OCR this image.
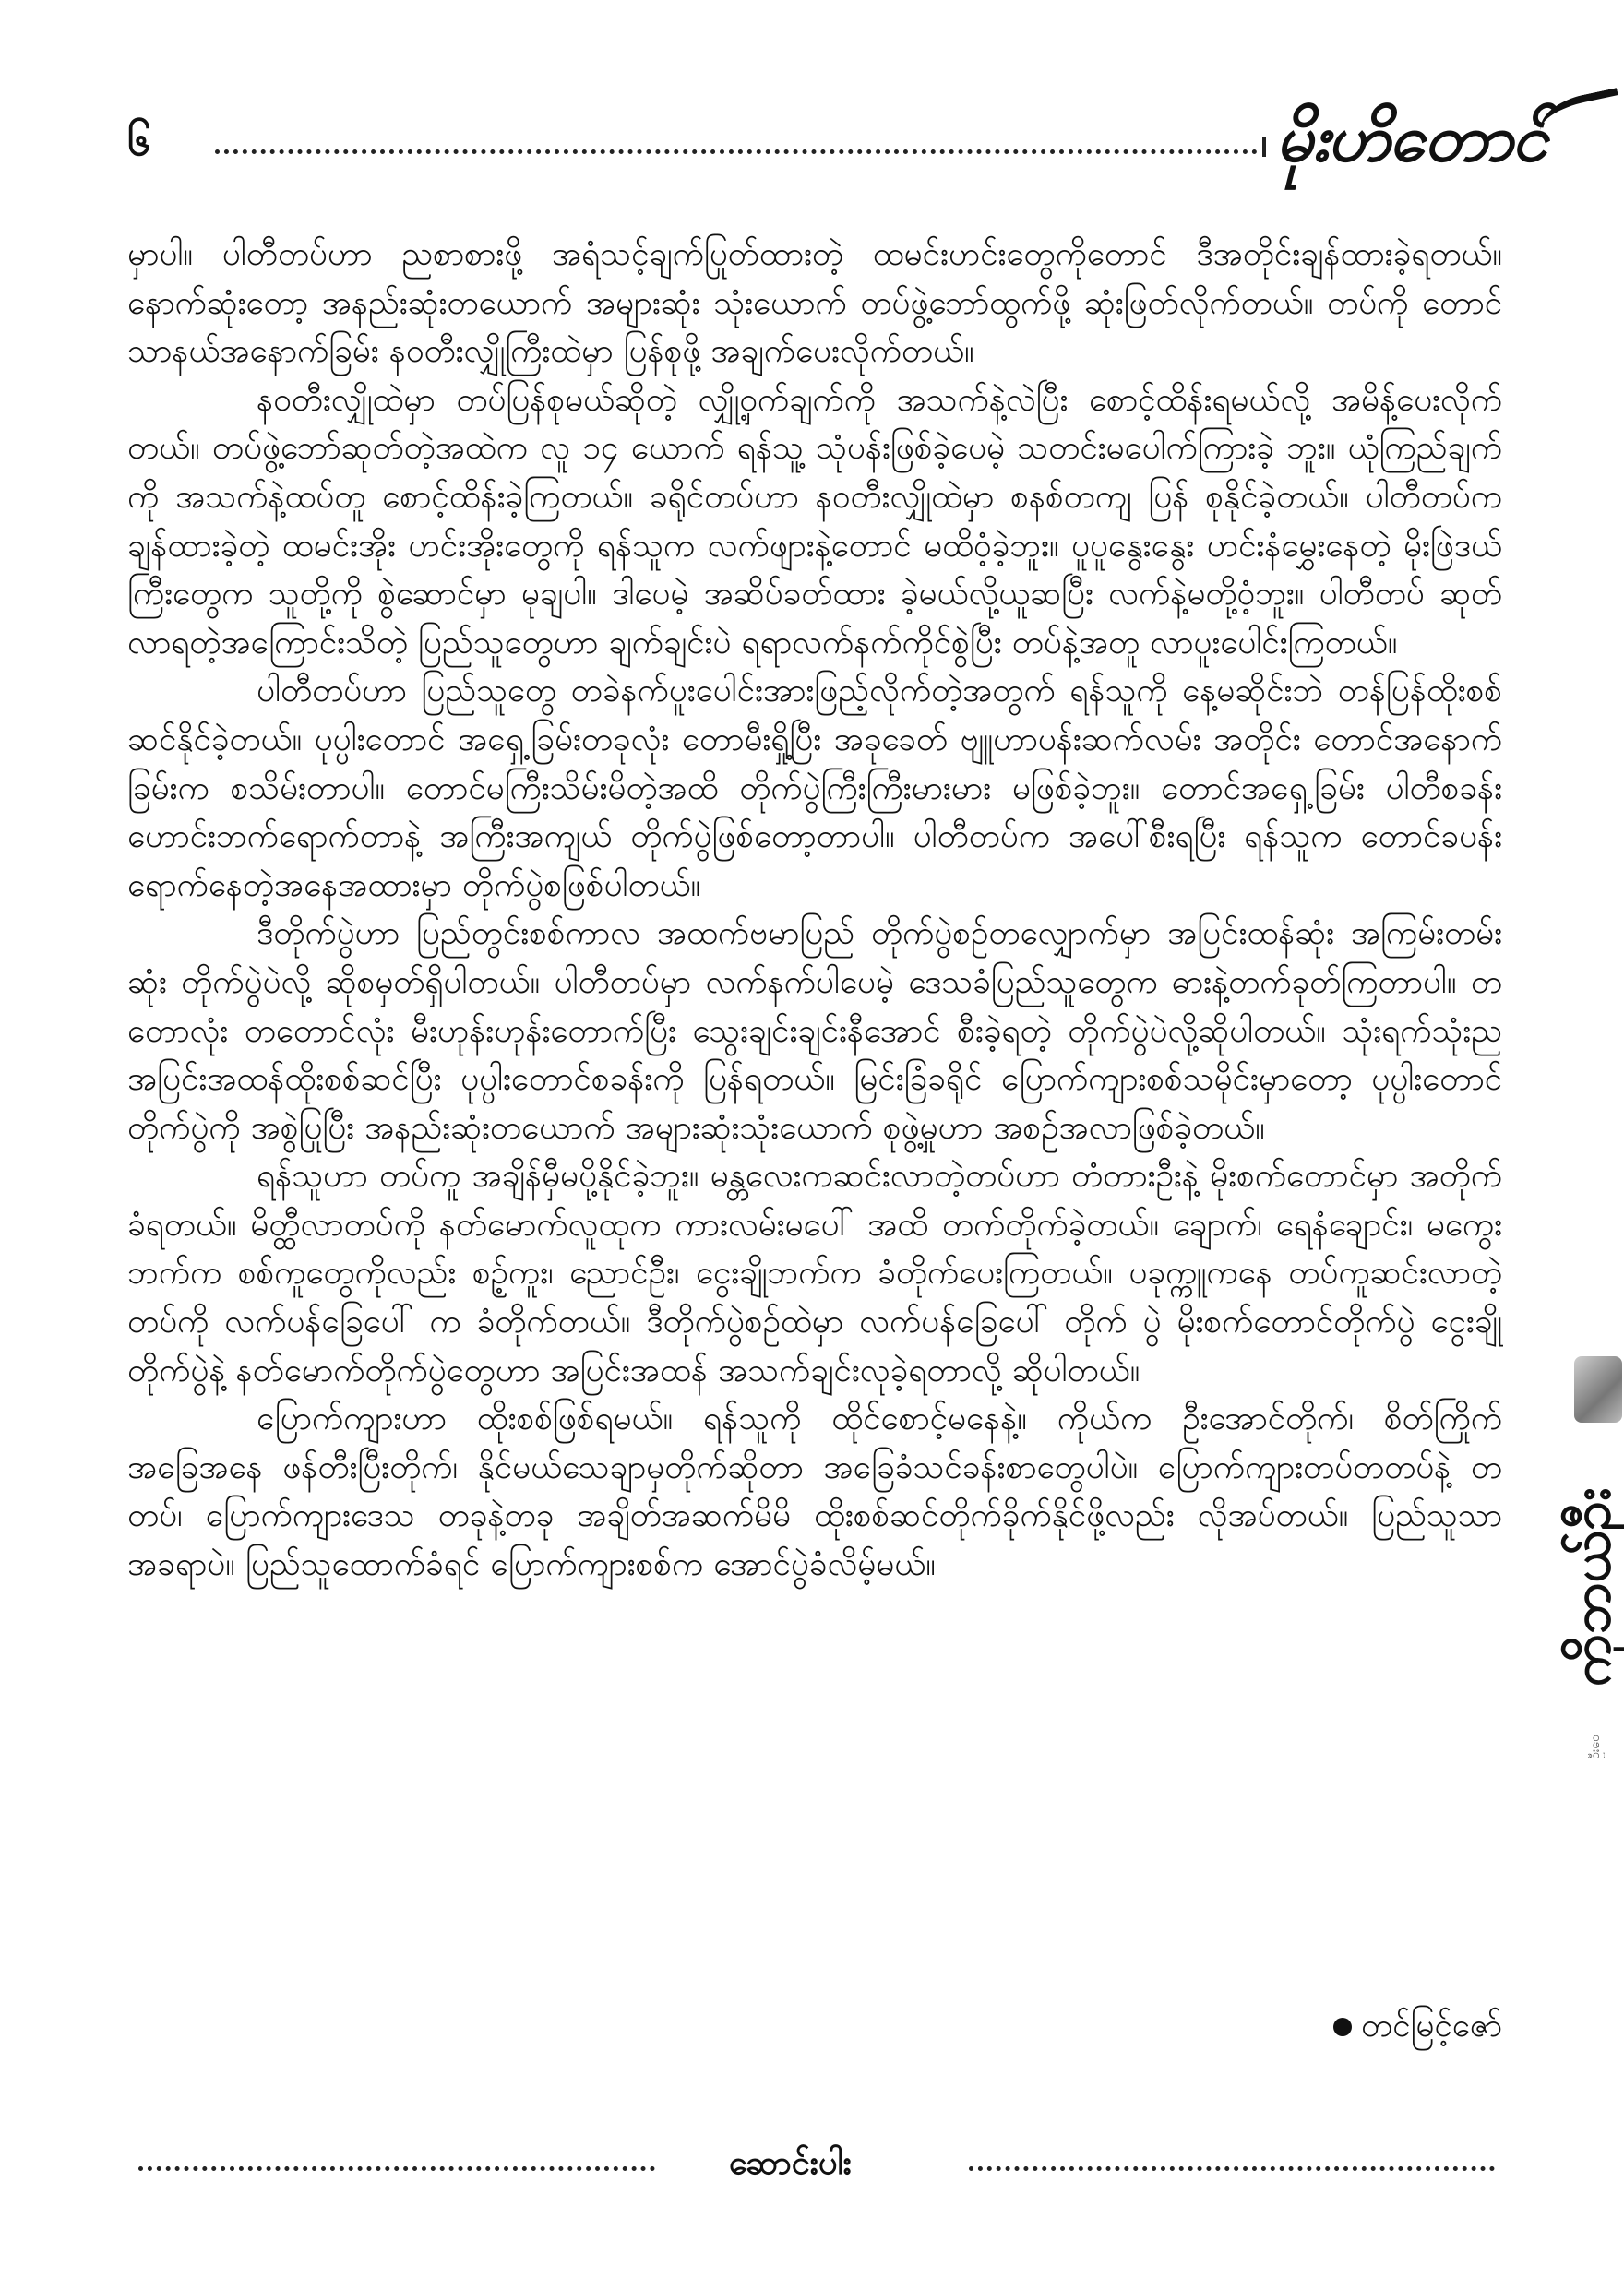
၆	မိုးဟိတောင်
ကိုဘယ်ဦး
ဦးဝေ

မှာပါ။ ပါတီတပ်ဟာ ညစာစားဖို့ အရံသင့်ချက်ပြုတ်ထားတဲ့ ထမင်းဟင်းတွေကိုတောင် ဒီအတိုင်းချန်ထားခဲ့ရတယ်။ နောက်ဆုံးတော့ အနည်းဆုံးတယောက် အများဆုံး သုံးယောက် တပ်ဖွဲ့ဘော်ထွက်ဖို့ ဆုံးဖြတ်လိုက်တယ်။ တပ်ကို တောင်သာနယ်အနောက်ခြမ်း နဝတီးလျှိုကြီးထဲမှာ ပြန်စုဖို့ အချက်ပေးလိုက်တယ်။

နဝတီးလျှိုထဲမှာ တပ်ပြန်စုမယ်ဆိုတဲ့ လျှို့ဝှက်ချက်ကို အသက်နဲ့လဲပြီး စောင့်ထိန်းရမယ်လို့ အမိန့်ပေးလိုက်တယ်။ တပ်ဖွဲ့ဘော်ဆုတ်တဲ့အထဲက လူ ၁၄ ယောက် ရန်သူ့ သုံပန်းဖြစ်ခဲ့ပေမဲ့ သတင်းမပေါက်ကြားခဲ့ ဘူး။ ယုံကြည်ချက်ကို အသက်နဲ့ထပ်တူ စောင့်ထိန်းခဲ့ကြတယ်။ ခရိုင်တပ်ဟာ နဝတီးလျှိုထဲမှာ စနစ်တကျ ပြန် စုနိုင်ခဲ့တယ်။ ပါတီတပ်က ချန်ထားခဲ့တဲ့ ထမင်းအိုး ဟင်းအိုးတွေကို ရန်သူက လက်ဖျားနဲ့တောင် မထိဝံ့ခဲ့ဘူး။ ပူပူနွေးနွေး ဟင်းနံမွှေးနေတဲ့ မိုးဖြဲဒယ်ကြီးတွေက သူတို့ကို စွဲဆောင်မှာ မုချပါ။ ဒါပေမဲ့ အဆိပ်ခတ်ထား ခဲ့မယ်လို့ယူဆပြီး လက်နဲ့မတို့ဝံ့ဘူး။ ပါတီတပ် ဆုတ်လာရတဲ့အကြောင်းသိတဲ့ ပြည်သူတွေဟာ ချက်ချင်းပဲ ရရာလက်နက်ကိုင်စွဲပြီး တပ်နဲ့အတူ လာပူးပေါင်းကြတယ်။

ပါတီတပ်ဟာ ပြည်သူတွေ တခဲနက်ပူးပေါင်းအားဖြည့်လိုက်တဲ့အတွက် ရန်သူကို နေ့မဆိုင်းဘဲ တန်ပြန်ထိုးစစ်ဆင်နိုင်ခဲ့တယ်။ ပုပ္ပါးတောင် အရှေ့ခြမ်းတခုလုံး တောမီးရှို့ပြီး အခုခေတ် ဗျူဟာပန်းဆက်လမ်း အတိုင်း တောင်အနောက်ခြမ်းက စသိမ်းတာပါ။ တောင်မကြီးသိမ်းမိတဲ့အထိ တိုက်ပွဲကြီးကြီးမားမား မဖြစ်ခဲ့ဘူး။ တောင်အရှေ့ခြမ်း ပါတီစခန်းဟောင်းဘက်ရောက်တာနဲ့ အကြီးအကျယ် တိုက်ပွဲဖြစ်တော့တာပါ။ ပါတီတပ်က အပေါ်စီးရပြီး ရန်သူက တောင်ခပန်းရောက်နေတဲ့အနေအထားမှာ တိုက်ပွဲစဖြစ်ပါတယ်။

ဒီတိုက်ပွဲဟာ ပြည်တွင်းစစ်ကာလ အထက်ဗမာပြည် တိုက်ပွဲစဉ်တလျှောက်မှာ အပြင်းထန်ဆုံး အကြမ်းတမ်းဆုံး တိုက်ပွဲပဲလို့ ဆိုစမှတ်ရှိပါတယ်။ ပါတီတပ်မှာ လက်နက်ပါပေမဲ့ ဒေသခံပြည်သူတွေက ဓားနဲ့တက်ခုတ်ကြတာပါ။ တတောလုံး တတောင်လုံး မီးဟုန်းဟုန်းတောက်ပြီး သွေးချင်းချင်းနီအောင် စီးခဲ့ရတဲ့ တိုက်ပွဲပဲလို့ဆိုပါတယ်။ သုံးရက်သုံးည အပြင်းအထန်ထိုးစစ်ဆင်ပြီး ပုပ္ပါးတောင်စခန်းကို ပြန်ရတယ်။ မြင်းခြံခရိုင် ပြောက်ကျားစစ်သမိုင်းမှာတော့ ပုပ္ပါးတောင်တိုက်ပွဲကို အစွဲပြုပြီး အနည်းဆုံးတယောက် အများဆုံးသုံးယောက် စုဖွဲ့မှုဟာ အစဉ်အလာဖြစ်ခဲ့တယ်။

ရန်သူဟာ တပ်ကူ အချိန်မှီမပို့နိုင်ခဲ့ဘူး။ မန္တလေးကဆင်းလာတဲ့တပ်ဟာ တံတားဦးနဲ့ မိုးစက်တောင်မှာ အတိုက်ခံရတယ်။ မိတ္ထီလာတပ်ကို နတ်မောက်လူထုက ကားလမ်းမပေါ် အထိ တက်တိုက်ခဲ့တယ်။ ချောက်၊ ရေနံချောင်း၊ မကွေးဘက်က စစ်ကူတွေကိုလည်း စဉ့်ကူး၊ ညောင်ဦး၊ ငွေးချိုဘက်က ခံတိုက်ပေးကြတယ်။ ပခုက္ကူကနေ တပ်ကူဆင်းလာတဲ့တပ်ကို လက်ပန်ခြေပေါ် က ခံတိုက်တယ်။ ဒီတိုက်ပွဲစဉ်ထဲမှာ လက်ပန်ခြေပေါ် တိုက် ပွဲ မိုးစက်တောင်တိုက်ပွဲ ငွေးချိုတိုက်ပွဲနဲ့ နတ်မောက်တိုက်ပွဲတွေဟာ အပြင်းအထန် အသက်ချင်းလုခဲ့ရတာလို့ ဆိုပါတယ်။

ပြောက်ကျားဟာ ထိုးစစ်ဖြစ်ရမယ်။ ရန်သူကို ထိုင်စောင့်မနေနဲ့။ ကိုယ်က ဦးအောင်တိုက်၊ စိတ်ကြိုက် အခြေအနေ ဖန်တီးပြီးတိုက်၊ နိုင်မယ်သေချာမှတိုက်ဆိုတာ အခြေခံသင်ခန်းစာတွေပါပဲ။ ပြောက်ကျားတပ်တတပ်နဲ့ တတပ်၊ ပြောက်ကျားဒေသ တခုနဲ့တခု အချိတ်အဆက်မိမိ ထိုးစစ်ဆင်တိုက်ခိုက်နိုင်ဖို့လည်း လိုအပ်တယ်။ ပြည်သူသာ အခရာပဲ။ ပြည်သူထောက်ခံရင် ပြောက်ကျားစစ်က အောင်ပွဲခံလိမ့်မယ်။

တင်မြင့်ဇော်
ဆောင်းပါး
